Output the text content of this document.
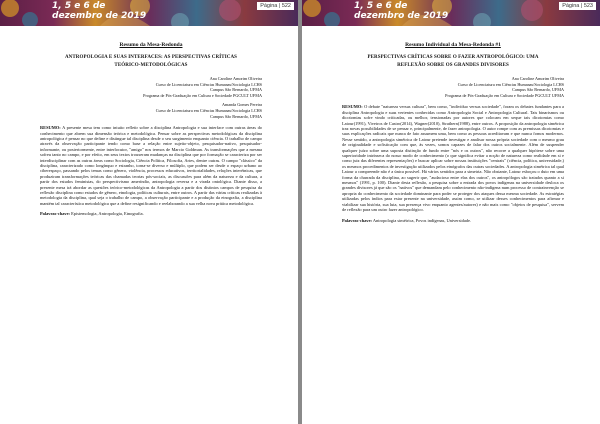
1, 5 e 6 de
dezembro de 2019
Página | 522
Resumo da Mesa-Redonda
ANTROPOLOGIA E SUAS INTERFACES: AS PERSPECTIVAS CRÍTICAS
TEÓRICO-METODOLÓGICAS
Ana Caroline Amorim Oliveira
Curso de Licenciatura em Ciências Humanas/Sociologia LCHS
Campus São Bernardo, UFMA
Programa de Pós-Graduação em Cultura e Sociedade PGCULT UFMA
Amanda Gomes Pereira
Curso de Licenciatura em Ciências Humanas/Sociologia LCHS
Campus São Bernardo, UFMA
RESUMO: A presente mesa tem como intuito refletir sobre a disciplina Antropologia e sua interface com outras áreas do conhecimento que abrem sua dimensão teórica e metodológica. Pensar sobre as perspectivas metodológicas da disciplina antropológica é pensar no que define e distingue tal disciplina desde o seu surgimento enquanto ciência. O trabalho de campo através da observação participante tendo como base a relação entre sujeito-objeto, pesquisador-nativo, pesquisador-informante, ou posteriormente, entre interlocutor, "amigo" nos termos de Marcio Goldman. As transformações que a mesma sofreu tanto no campo, e por efeito, em seus textos trouxeram mudanças na disciplina que por formação se caracteriza por ser interdisciplinar com as outras áreas como Sociologia, Ciência Política, Filosofia, Artes, dentre outras. O campo "clássico" da disciplina, caracterizado como longínquo e estranho, torna-se diverso e múltiplo, que podem ser desde o espaço urbano ao ciberespaço, passando pelos temas como gênero, violência, processos educativos, territorialidades, relações interétnicas, que produziram transformações teóricas das chamadas teorias pós-sociais, as discussões para além da natureza e da cultura, a partir dos estudos feministas, do perspectivismo ameríndio, antropologia reversa e a virada ontológica. Diante disso, a presente mesa irá abordar as questões teórico-metodológicas da Antropologia a partir dos distintos campos de pesquisa da reflexão disciplina como estudos de gênero, etnologia, políticas culturais, entre outros. A partir das várias críticas realizadas à metodologia da disciplina, qual seja o trabalho de campo, a observação participante e a produção da etnografia, a disciplina mantém tal característica metodológica que a define resignificando e reelaborando a sua velha nova prática metodológica.
Palavras-chave: Epistemologia, Antropologia, Etnografia.
1, 5 e 6 de
dezembro de 2019
Página | 523
Resumo Individual da Mesa-Redonda #1
PERSPECTIVAS CRÍTICAS SOBRE O FAZER ANTROPOLÓGICO: UMA
REFLEXÃO SOBRE OS GRANDES DIVISORES
Ana Caroline Amorim Oliveira
Curso de Licenciatura em Ciências Humanas/Sociologia LCHS
Campus São Bernardo, UFMA
Programa de Pós-Graduação em Cultura e Sociedade PGCULT UFMA
RESUMO: O debate "natureza versus cultura", bem como, "indivíduo versus sociedade", foram os debates fundantes para a disciplina Antropologia e suas vertentes conhecidas como Antropologia Social e Antropologia Cultural. Tais binarismos ou dicotomias sofre vindo criticadas, ou melhor, tensionadas por autores que colocam em xeque tais dicotomias como Latour(1991), Viveiros de Castro(2014), Wagner(2010), Strathern(1988), entre outros. A proposição da antropologia simétrica traz novas possibilidades de se pensar e, principalmente, de fazer antropologia. O autor rompe com as premissas dicotomias e suas explicações radicais que nunca de fato assumem uma, bem como as pessoas acreditavam e que nunca fomos modernos. Nesse sentido, a antropologia simétrica de Latour pretende investigar e analisar nossa própria sociedade com o mesmo grau de originalidade e sofisticação com que, às vezes, somos capazes de falar dos outros socialmente. Além de suspender qualquer juízo sobre uma suposta distinção de fundo entre "nós e os outros", não recorre a qualquer hipótese sobre uma superioridade intrínseca do nosso modo de conhecimento (o que significa evitar a noção de natureza como realidade em si e como juiz das diferentes representações) e buscar aplicar sobre nossas instituições "centrais" (ciência, política, universidade,) os mesmos procedimentos de investigação utilizados pelos etnógrafos das outras sociedades. A antropologia simétrica tal qual Latour a compreende não é a única possível. Há vários sentidos para a simetria. Não obstante, Latour esboçou o duto em uma forma da charrada da disciplina, ao sugerir que, "audacioso entre elas dos outros", os antropólogos são tratados quanto a si mesmos" (1991, p. 100). Diante desta reflexão, a pesquisa sobre a entrada dos povos indígenas na universidade desloca os grandes divisores já que são os "nativos" que demandam pelo conhecimento não-indígena num processo de contrainvenção se apropria do conhecimento da sociedade dominante para poder se proteger dos ataques dessa mesma sociedade. As estratégias utilizadas pelos índios para estar presente na universidade, assim como, se utilizar desses conhecimentos para afirmar e viabilizar sua história, sua luta, sua presença vivo enquanto agentes/autores) e não mais como "objetos de pesquisa", servem de reflexão para um outro fazer antropológico.
Palavras-chave: Antropologia simétrica, Povos indígenas, Universidade.
